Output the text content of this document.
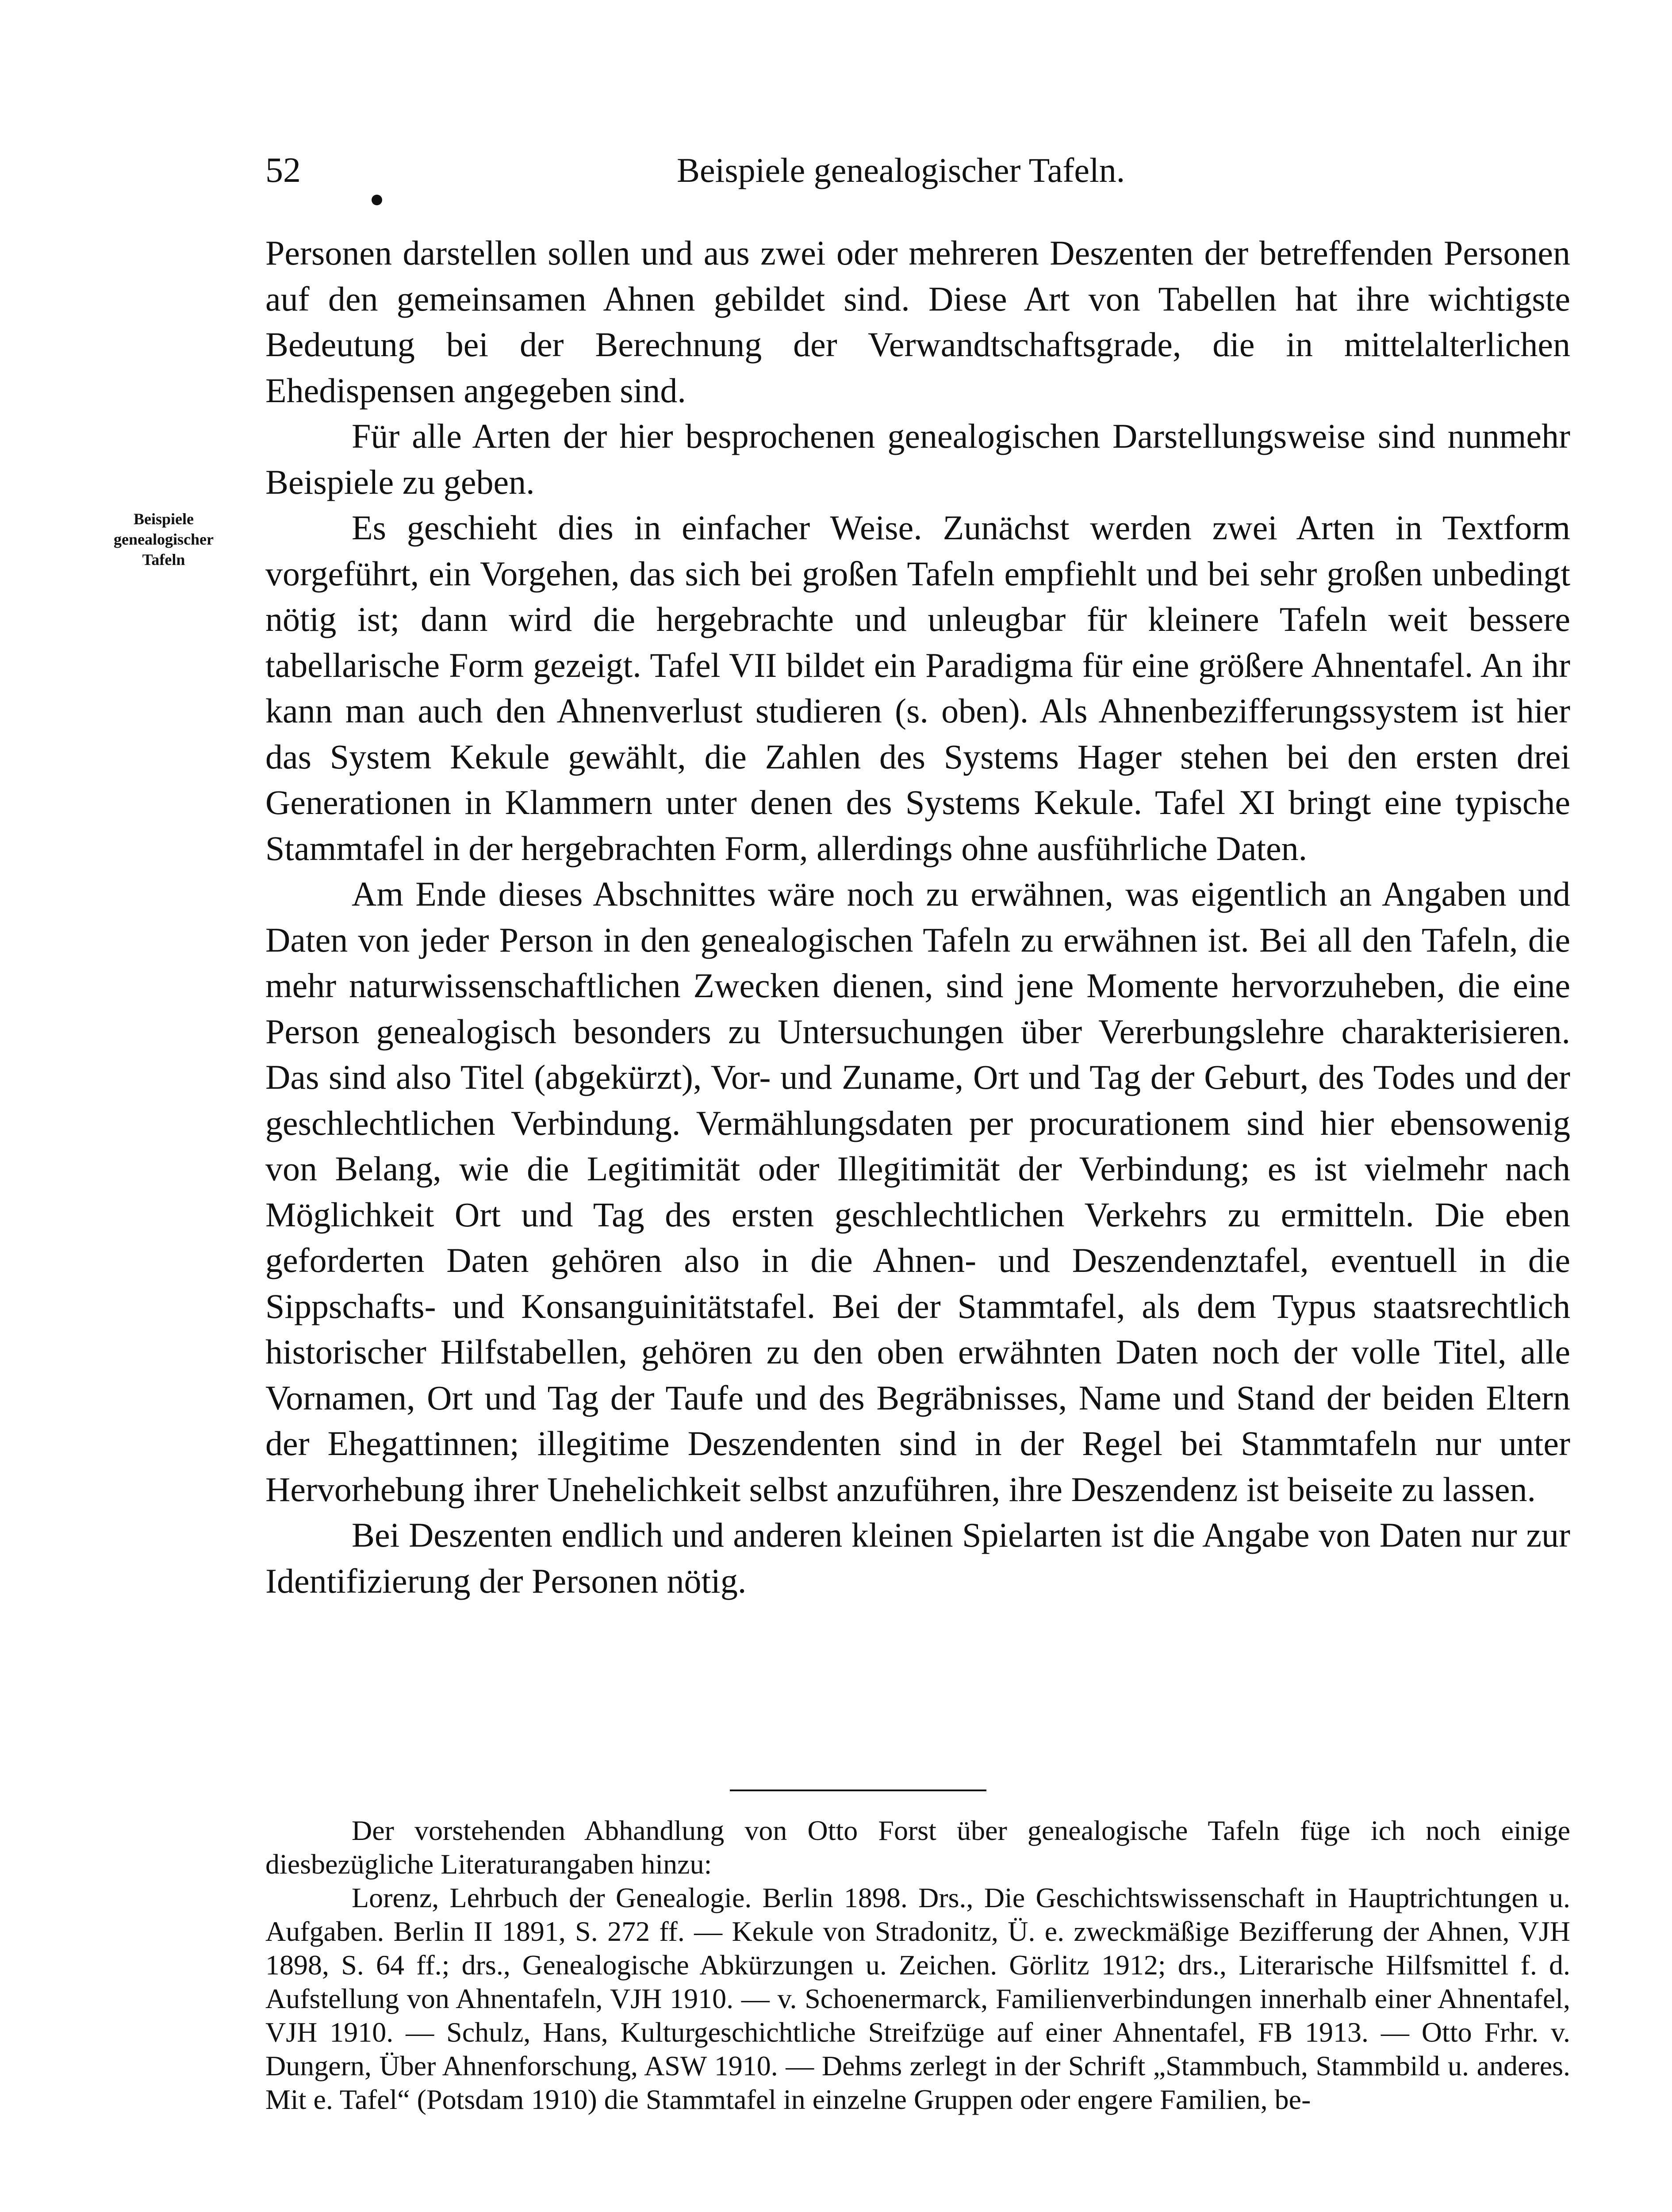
52	Beispiele genealogischer Tafeln.
Beispiele
genealogischer
Tafeln

Personen darstellen sollen und aus zwei oder mehreren Deszenten der betreffenden Personen auf den gemeinsamen Ahnen gebildet sind. Diese Art von Tabellen hat ihre wichtigste Bedeutung bei der Berechnung der Verwandtschaftsgrade, die in mittelalterlichen Ehedispensen angegeben sind.

Für alle Arten der hier besprochenen genealogischen Darstellungsweise sind nunmehr Beispiele zu geben.

Es geschieht dies in einfacher Weise. Zunächst werden zwei Arten in Textform vorgeführt, ein Vorgehen, das sich bei großen Tafeln empfiehlt und bei sehr großen unbedingt nötig ist; dann wird die hergebrachte und unleugbar für kleinere Tafeln weit bessere tabellarische Form gezeigt. Tafel VII bildet ein Paradigma für eine größere Ahnentafel. An ihr kann man auch den Ahnenverlust studieren (s. oben). Als Ahnenbezifferungssystem ist hier das System Kekule gewählt, die Zahlen des Systems Hager stehen bei den ersten drei Generationen in Klammern unter denen des Systems Kekule. Tafel XI bringt eine typische Stammtafel in der hergebrachten Form, allerdings ohne ausführliche Daten.

Am Ende dieses Abschnittes wäre noch zu erwähnen, was eigentlich an Angaben und Daten von jeder Person in den genealogischen Tafeln zu erwähnen ist. Bei all den Tafeln, die mehr naturwissenschaftlichen Zwecken dienen, sind jene Momente hervorzuheben, die eine Person genealogisch besonders zu Untersuchungen über Vererbungslehre charakterisieren. Das sind also Titel (abgekürzt), Vor- und Zuname, Ort und Tag der Geburt, des Todes und der geschlechtlichen Verbindung. Vermählungsdaten per procurationem sind hier ebensowenig von Belang, wie die Legitimität oder Illegitimität der Verbindung; es ist vielmehr nach Möglichkeit Ort und Tag des ersten geschlechtlichen Verkehrs zu ermitteln. Die eben geforderten Daten gehören also in die Ahnen- und Deszendenztafel, eventuell in die Sippschafts- und Konsanguinitätstafel. Bei der Stammtafel, als dem Typus staatsrechtlich historischer Hilfstabellen, gehören zu den oben erwähnten Daten noch der volle Titel, alle Vornamen, Ort und Tag der Taufe und des Begräbnisses, Name und Stand der beiden Eltern der Ehegattinnen; illegitime Deszendenten sind in der Regel bei Stammtafeln nur unter Hervorhebung ihrer Unehelichkeit selbst anzuführen, ihre Deszendenz ist beiseite zu lassen.

Bei Deszenten endlich und anderen kleinen Spielarten ist die Angabe von Daten nur zur Identifizierung der Personen nötig.

Der vorstehenden Abhandlung von Otto Forst über genealogische Tafeln füge ich noch einige diesbezügliche Literaturangaben hinzu:

Lorenz, Lehrbuch der Genealogie. Berlin 1898. Drs., Die Geschichtswissenschaft in Hauptrichtungen u. Aufgaben. Berlin II 1891, S. 272 ff. — Kekule von Stradonitz, Ü. e. zweckmäßige Bezifferung der Ahnen, VJH 1898, S. 64 ff.; drs., Genealogische Abkürzungen u. Zeichen. Görlitz 1912; drs., Literarische Hilfsmittel f. d. Aufstellung von Ahnentafeln, VJH 1910. — v. Schoenermarck, Familienverbindungen innerhalb einer Ahnentafel, VJH 1910. — Schulz, Hans, Kulturgeschichtliche Streifzüge auf einer Ahnentafel, FB 1913. — Otto Frhr. v. Dungern, Über Ahnenforschung, ASW 1910. — Dehms zerlegt in der Schrift „Stammbuch, Stammbild u. anderes. Mit e. Tafel“ (Potsdam 1910) die Stammtafel in einzelne Gruppen oder engere Familien, be-
